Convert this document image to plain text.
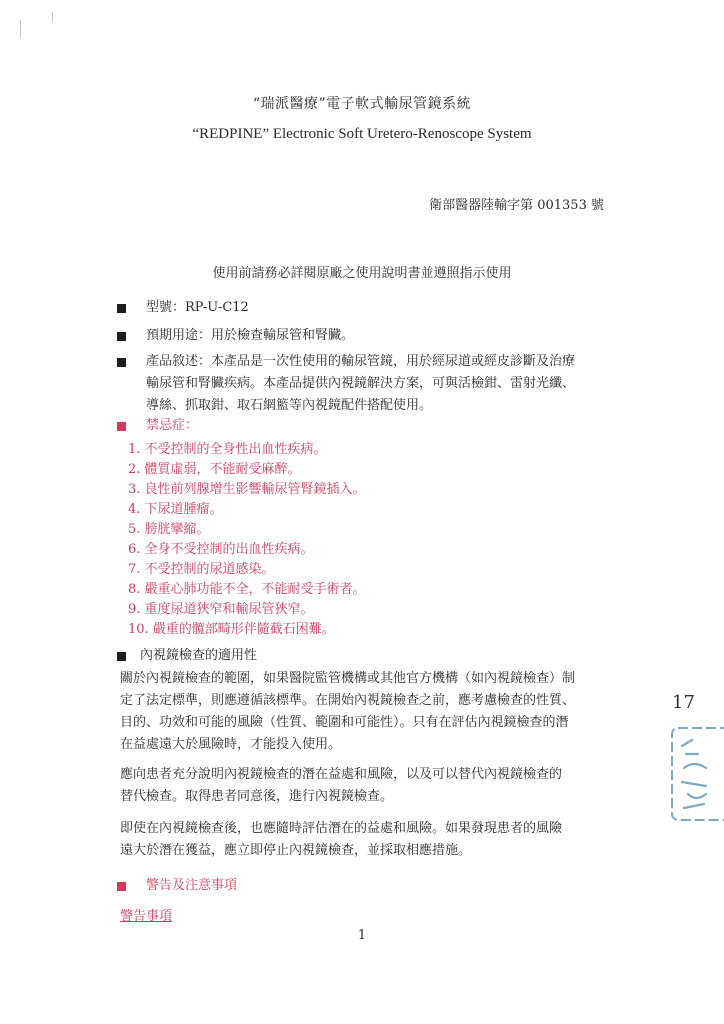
“瑞派醫療”電子軟式輸尿管鏡系統
“REDPINE” Electronic Soft Uretero-Renoscope System
衛部醫器陸輸字第 001353 號
使用前請務必詳閱原廠之使用說明書並遵照指示使用
型號：RP-U-C12
預期用途：用於檢查輸尿管和腎臟。
產品敘述：本產品是一次性使用的輸尿管鏡，用於經尿道或經皮診斷及治療
輸尿管和腎臟疾病。本產品提供內視鏡解決方案，可與活檢鉗、雷射光纖、
導絲、抓取鉗、取石網籃等內視鏡配件搭配使用。
禁忌症：
1. 不受控制的全身性出血性疾病。
2. 體質虛弱，不能耐受麻醉。
3. 良性前列腺增生影響輸尿管腎鏡插入。
4. 下尿道腫瘤。
5. 膀胱攣縮。
6. 全身不受控制的出血性疾病。
7. 不受控制的尿道感染。
8. 嚴重心肺功能不全，不能耐受手術者。
9. 重度尿道狹窄和輸尿管狹窄。
10. 嚴重的髖部畸形伴隨截石困難。
內視鏡檢查的適用性
關於內視鏡檢查的範圍，如果醫院監管機構或其他官方機構（如內視鏡檢查）制
定了法定標準，則應遵循該標準。在開始內視鏡檢查之前，應考慮檢查的性質、
目的、功效和可能的風險（性質、範圍和可能性）。只有在評估內視鏡檢查的潛
在益處遠大於風險時，才能投入使用。
應向患者充分說明內視鏡檢查的潛在益處和風險，以及可以替代內視鏡檢查的
替代檢查。取得患者同意後，進行內視鏡檢查。
即使在內視鏡檢查後，也應隨時評估潛在的益處和風險。如果發現患者的風險
遠大於潛在獲益，應立即停止內視鏡檢查，並採取相應措施。
警告及注意事項
警告事項
1
17
